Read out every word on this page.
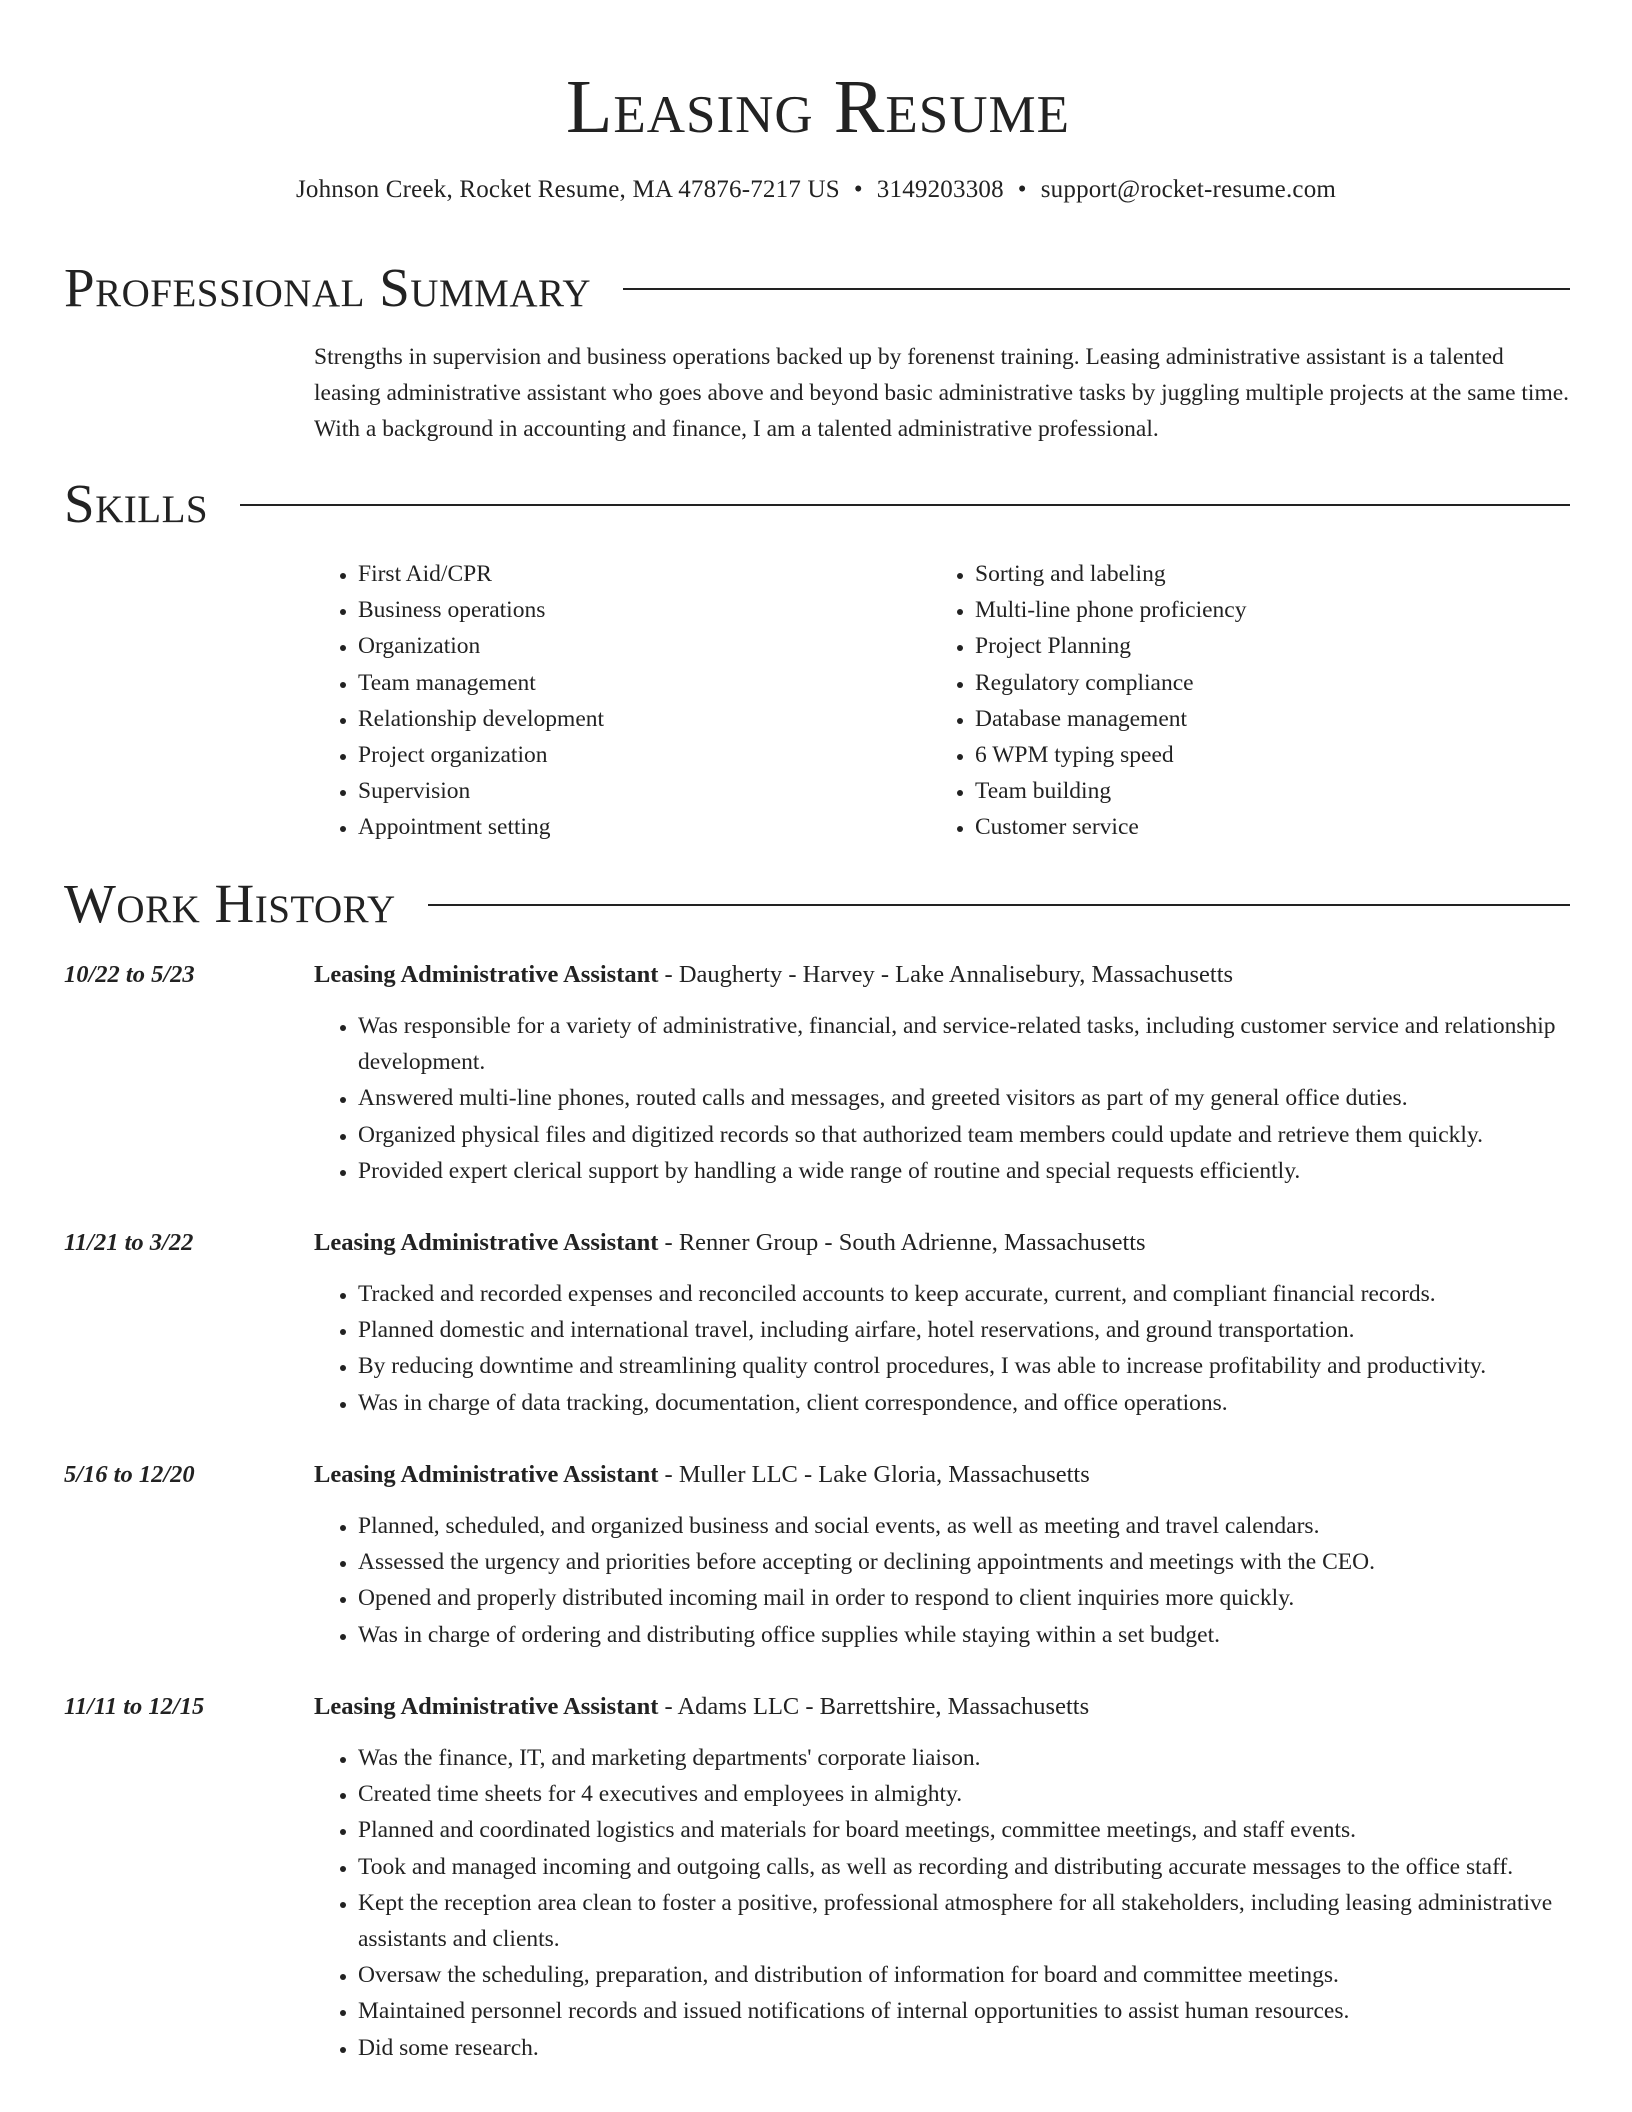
Leasing Resume
Johnson Creek, Rocket Resume, MA 47876-7217 US • 3149203308 • support@rocket-resume.com
Professional Summary

Strengths in supervision and business operations backed up by forenenst training. Leasing administrative assistant is a talented leasing administrative assistant who goes above and beyond basic administrative tasks by juggling multiple projects at the same time. With a background in accounting and finance, I am a talented administrative professional.

Skills
• First Aid/CPR
• Business operations
• Organization
• Team management
• Relationship development
• Project organization
• Supervision
• Appointment setting
• Sorting and labeling
• Multi-line phone proficiency
• Project Planning
• Regulatory compliance
• Database management
• 6 WPM typing speed
• Team building
• Customer service
Work History
10/22 to 5/23	Leasing Administrative Assistant - Daugherty - Harvey - Lake Annalisebury, Massachusetts
• Was responsible for a variety of administrative, financial, and service-related tasks, including customer service and relationship development.
• Answered multi-line phones, routed calls and messages, and greeted visitors as part of my general office duties.
• Organized physical files and digitized records so that authorized team members could update and retrieve them quickly.
• Provided expert clerical support by handling a wide range of routine and special requests efficiently.
11/21 to 3/22	Leasing Administrative Assistant - Renner Group - South Adrienne, Massachusetts
• Tracked and recorded expenses and reconciled accounts to keep accurate, current, and compliant financial records.
• Planned domestic and international travel, including airfare, hotel reservations, and ground transportation.
• By reducing downtime and streamlining quality control procedures, I was able to increase profitability and productivity.
• Was in charge of data tracking, documentation, client correspondence, and office operations.
5/16 to 12/20	Leasing Administrative Assistant - Muller LLC - Lake Gloria, Massachusetts
• Planned, scheduled, and organized business and social events, as well as meeting and travel calendars.
• Assessed the urgency and priorities before accepting or declining appointments and meetings with the CEO.
• Opened and properly distributed incoming mail in order to respond to client inquiries more quickly.
• Was in charge of ordering and distributing office supplies while staying within a set budget.
11/11 to 12/15	Leasing Administrative Assistant - Adams LLC - Barrettshire, Massachusetts
• Was the finance, IT, and marketing departments' corporate liaison.
• Created time sheets for 4 executives and employees in almighty.
• Planned and coordinated logistics and materials for board meetings, committee meetings, and staff events.
• Took and managed incoming and outgoing calls, as well as recording and distributing accurate messages to the office staff.
• Kept the reception area clean to foster a positive, professional atmosphere for all stakeholders, including leasing administrative assistants and clients.
• Oversaw the scheduling, preparation, and distribution of information for board and committee meetings.
• Maintained personnel records and issued notifications of internal opportunities to assist human resources.
• Did some research.
